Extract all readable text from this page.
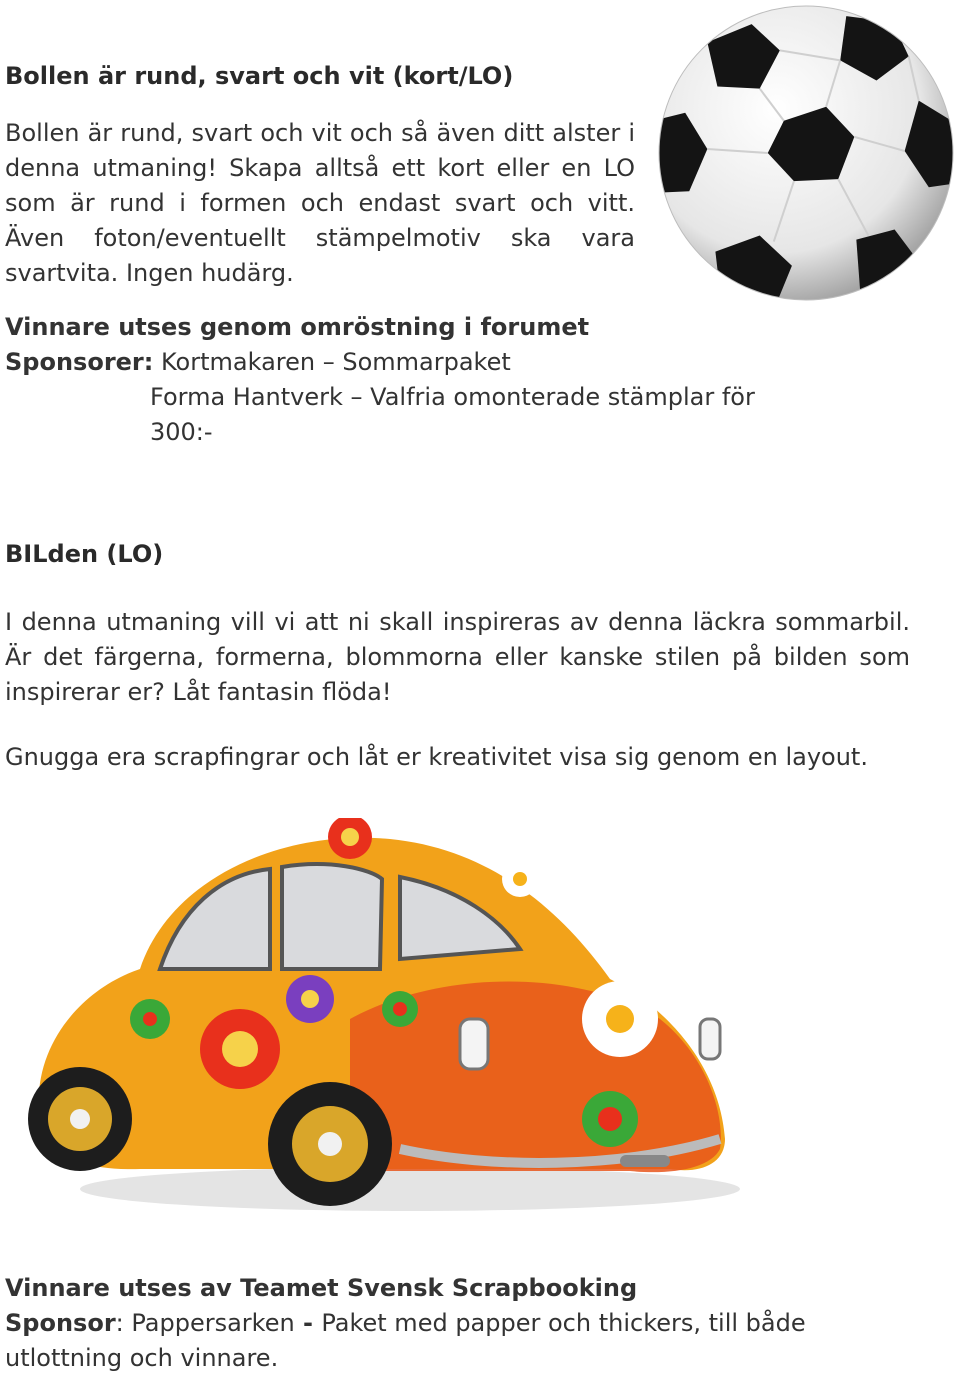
Bollen är rund, svart och vit (kort/LO)
Bollen är rund, svart och vit och så även ditt alster i denna utmaning! Skapa alltså ett kort eller en LO som är rund i formen och endast svart och vitt. Även foton/eventuellt stämpelmotiv ska vara svartvita. Ingen hudärg.
Vinnare utses genom omröstning i forumet
Sponsorer: Kortmakaren – Sommarpaket
Forma Hantverk – Valfria omonterade stämplar för 300:-
BILden (LO)
I denna utmaning vill vi att ni skall inspireras av denna läckra sommarbil. Är det färgerna, formerna, blommorna eller kanske stilen på bilden som inspirerar er? Låt fantasin flöda!
Gnugga era scrapfingrar och låt er kreativitet visa sig genom en layout.
Vinnare utses av Teamet Svensk Scrapbooking
Sponsor: Pappersarken - Paket med papper och thickers, till både utlottning och vinnare.
